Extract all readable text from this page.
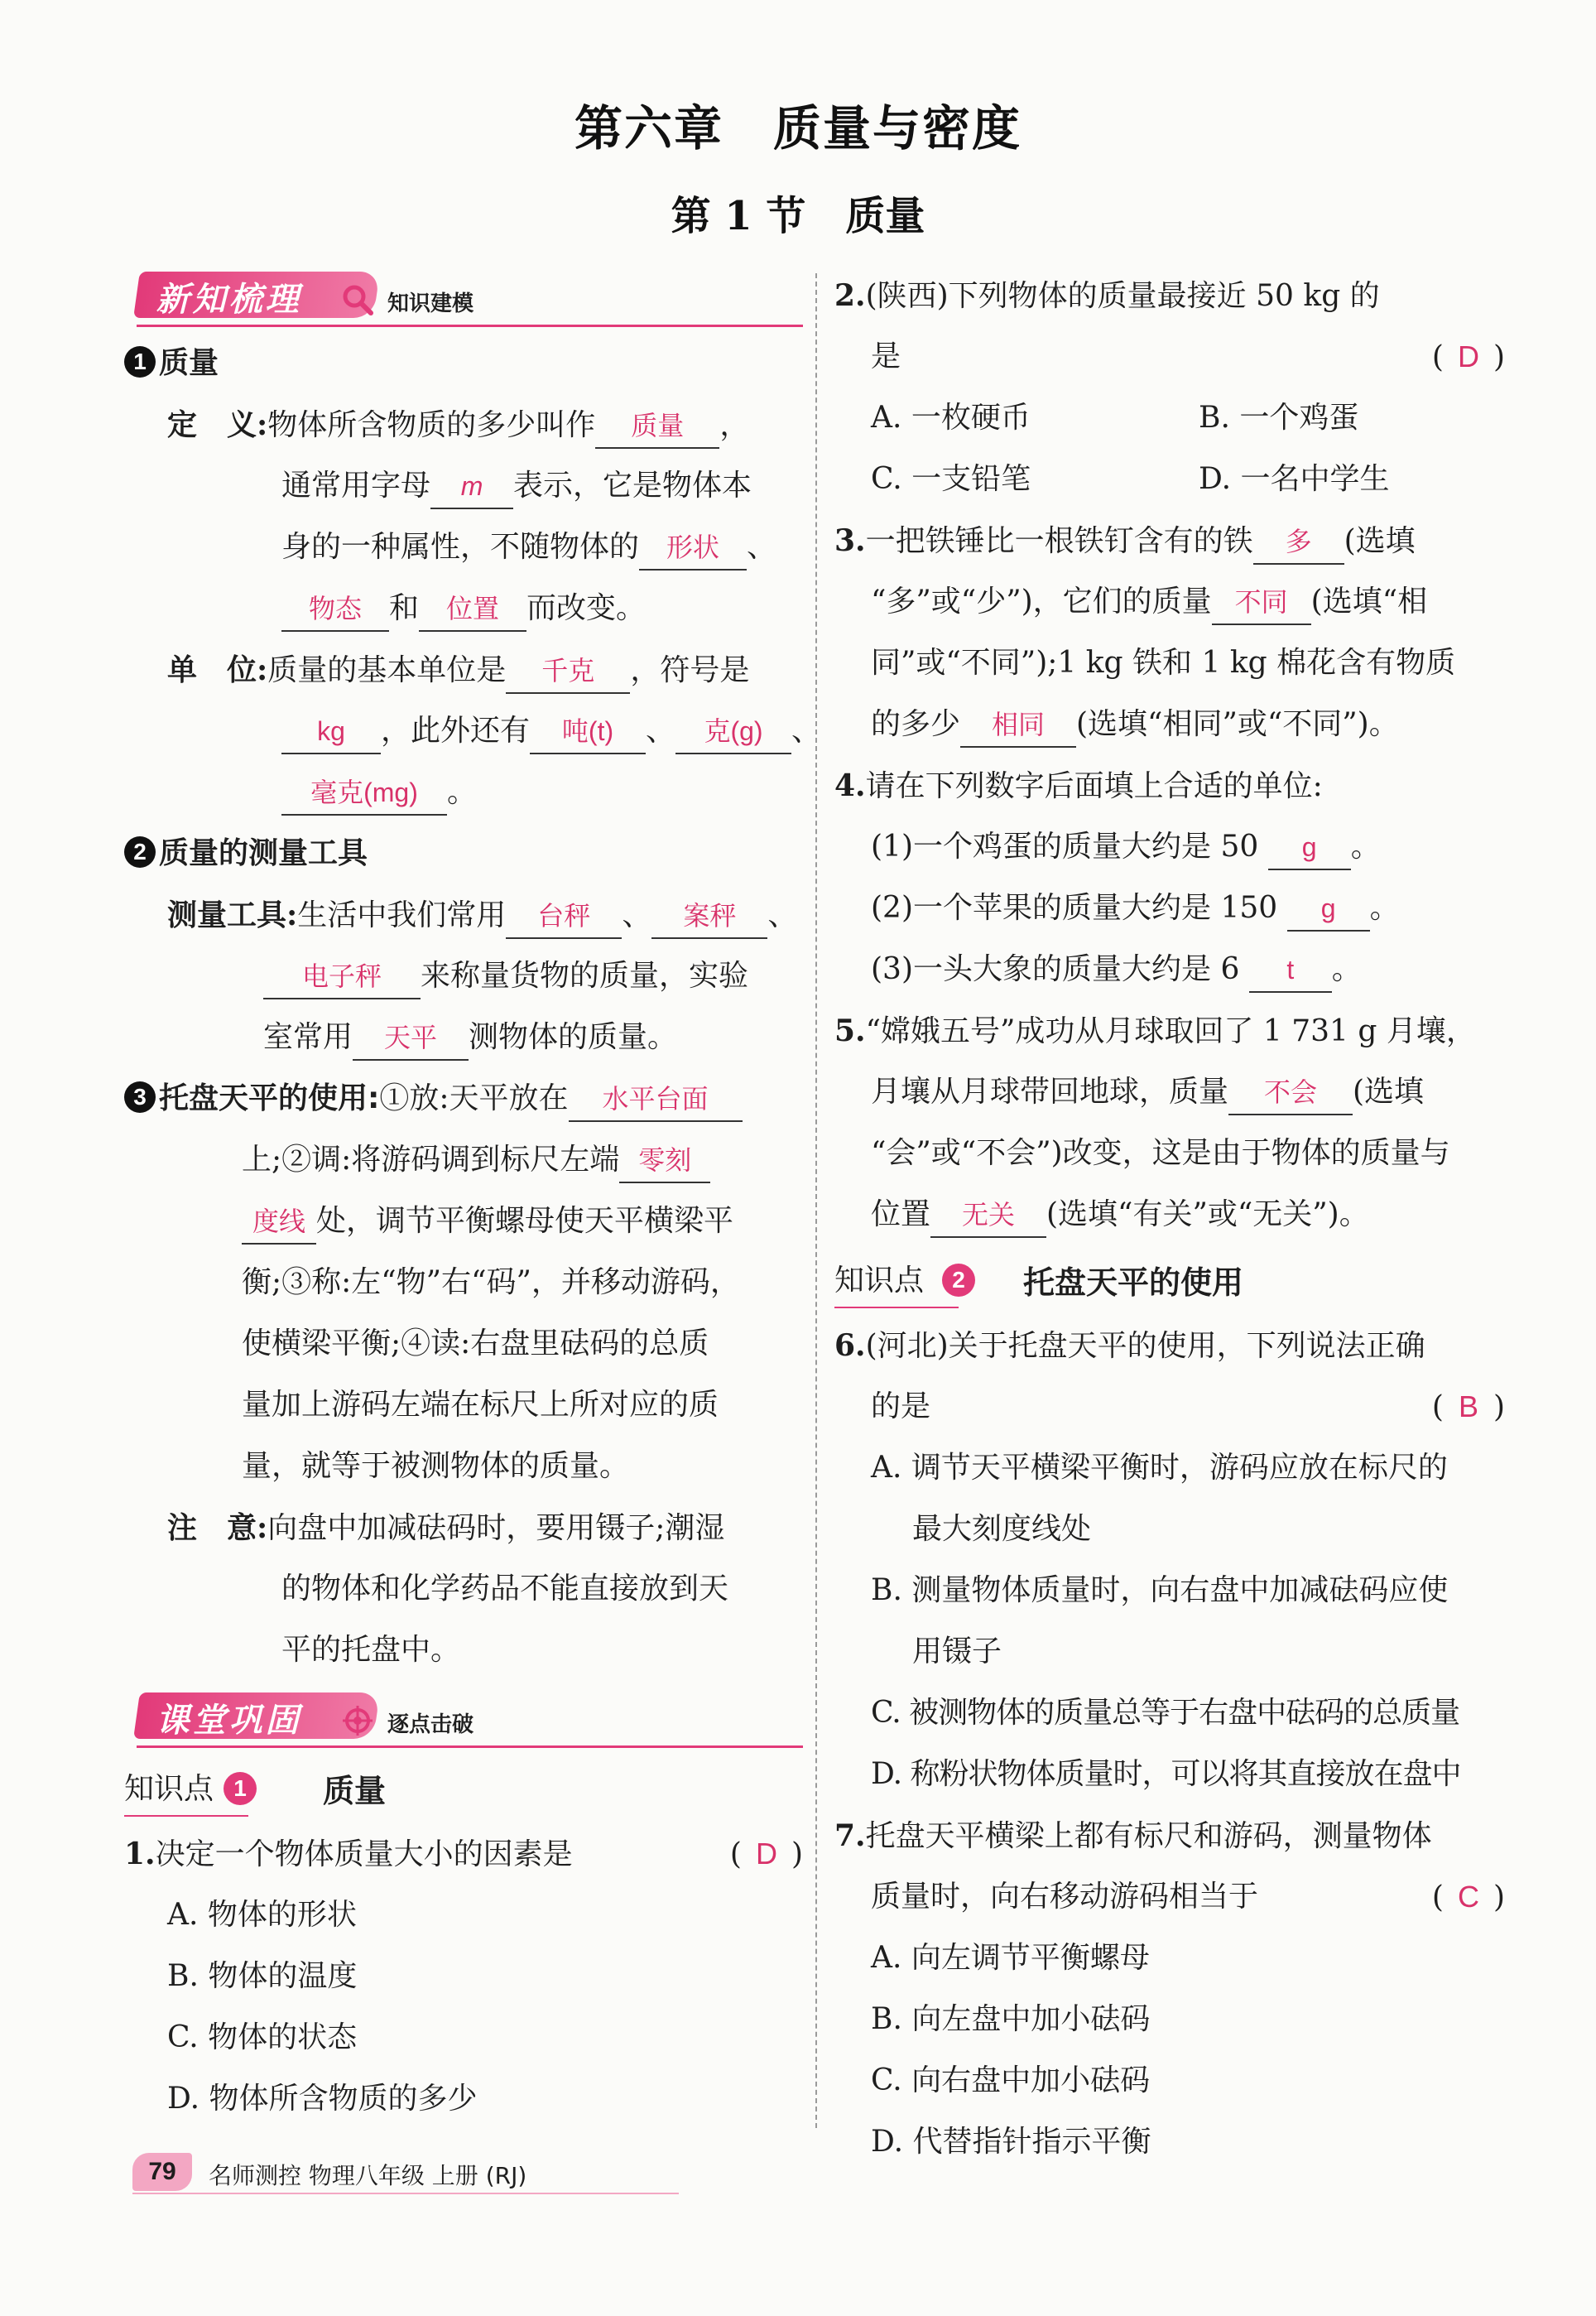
第六章　质量与密度
第 1 节　质量
新知梳理	知识建模
1 质量
定　义:物体所含物质的多少叫作 质量 ，
通常用字母 m 表示，它是物体本
身的一种属性，不随物体的 形状 、
物态 和 位置 而改变。
单　位:质量的基本单位是 千克 ，符号是
kg ，此外还有 吨(t) 、 克(g) 、
毫克(mg) 。
2 质量的测量工具
测量工具:生活中我们常用 台秤 、 案秤 、
电子秤 来称量货物的质量，实验
室常用 天平 测物体的质量。
3 托盘天平的使用:①放:天平放在 水平台面
上;②调:将游码调到标尺左端 零刻
度线 处，调节平衡螺母使天平横梁平
衡;③称:左“物”右“码”，并移动游码，
使横梁平衡;④读:右盘里砝码的总质
量加上游码左端在标尺上所对应的质
量，就等于被测物体的质量。
注　意:向盘中加减砝码时，要用镊子;潮湿
的物体和化学药品不能直接放到天
平的托盘中。
课堂巩固	逐点击破
知识点 1	质量
1.决定一个物体质量大小的因素是	( D )
A. 物体的形状
B. 物体的温度
C. 物体的状态
D. 物体所含物质的多少
2.(陕西)下列物体的质量最接近 50 kg 的
是	( D )
A. 一枚硬币	B. 一个鸡蛋
C. 一支铅笔	D. 一名中学生
3.一把铁锤比一根铁钉含有的铁 多 (选填
“多”或“少”)，它们的质量 不同 (选填“相
同”或“不同”);1 kg 铁和 1 kg 棉花含有物质
的多少 相同 (选填“相同”或“不同”)。
4.请在下列数字后面填上合适的单位:
(1)一个鸡蛋的质量大约是 50 g 。
(2)一个苹果的质量大约是 150 g 。
(3)一头大象的质量大约是 6 t 。
5.“嫦娥五号”成功从月球取回了 1 731 g 月壤，
月壤从月球带回地球，质量 不会 (选填
“会”或“不会”)改变，这是由于物体的质量与
位置 无关 (选填“有关”或“无关”)。
知识点	2	托盘天平的使用
6.(河北)关于托盘天平的使用，下列说法正确
的是	( B )
A. 调节天平横梁平衡时，游码应放在标尺的
最大刻度线处
B. 测量物体质量时，向右盘中加减砝码应使
用镊子
C. 被测物体的质量总等于右盘中砝码的总质量
D. 称粉状物体质量时，可以将其直接放在盘中
7.托盘天平横梁上都有标尺和游码，测量物体
质量时，向右移动游码相当于	( C )
A. 向左调节平衡螺母
B. 向左盘中加小砝码
C. 向右盘中加小砝码
D. 代替指针指示平衡
79	名师测控 物理八年级 上册 (RJ)
